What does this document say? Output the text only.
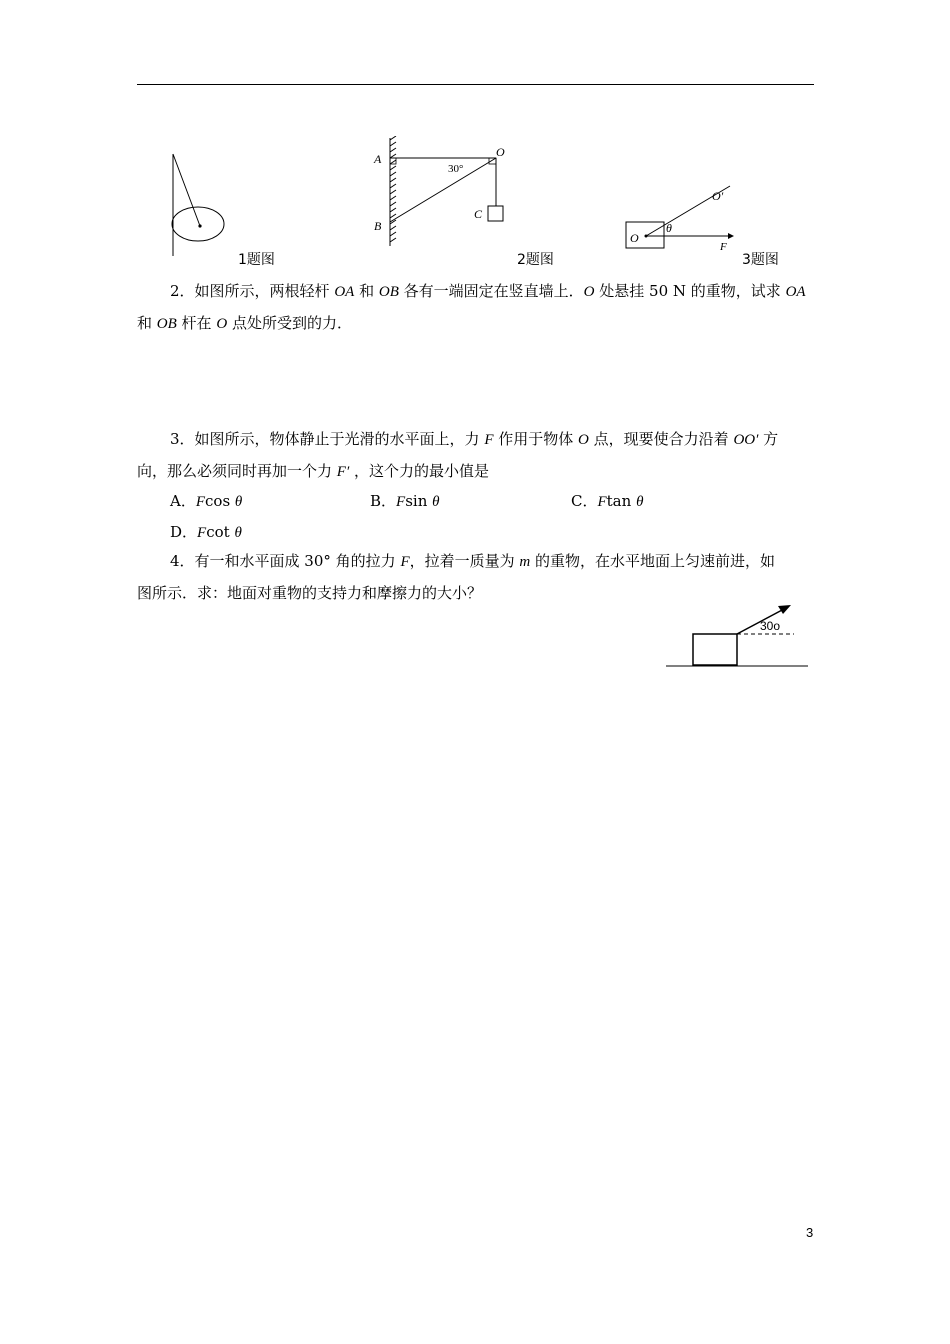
1题图
A
B
O
C
30°
2题图
O
O′
θ
F
3题图
2．如图所示，两根轻杆 OA 和 OB 各有一端固定在竖直墙上．O 处悬挂 50 N 的重物，试求 OA
和 OB 杆在 O 点处所受到的力．
3．如图所示，物体静止于光滑的水平面上，力 F 作用于物体 O 点，现要使合力沿着 OO′ 方
向，那么必须同时再加一个力 F′ ，这个力的最小值是
A．Fcos θ	B．Fsin θ	C．Ftan θ
D．Fcot θ
4．有一和水平面成 30° 角的拉力 F，拉着一质量为 m 的重物，在水平地面上匀速前进，如
图所示．求：地面对重物的支持力和摩擦力的大小？
30o
3
